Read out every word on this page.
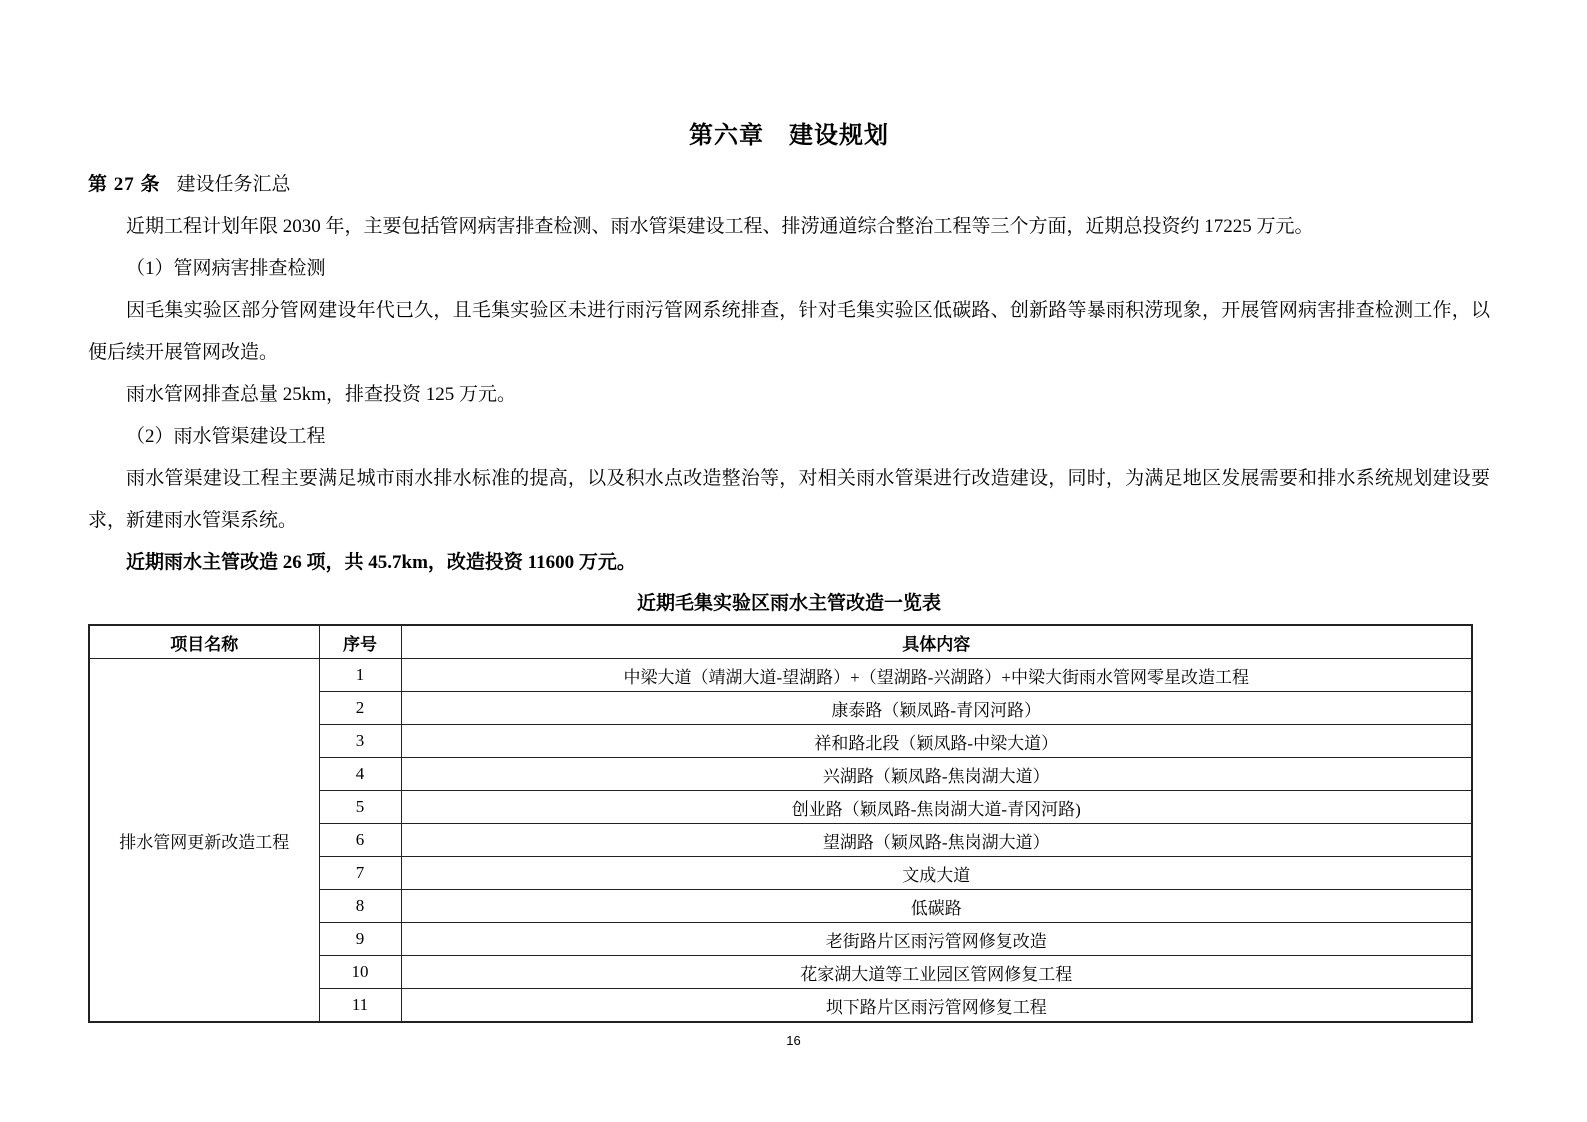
第六章　建设规划

第 27 条 建设任务汇总

近期工程计划年限 2030 年，主要包括管网病害排查检测、雨水管渠建设工程、排涝通道综合整治工程等三个方面，近期总投资约 17225 万元。

（1）管网病害排查检测

因毛集实验区部分管网建设年代已久，且毛集实验区未进行雨污管网系统排查，针对毛集实验区低碳路、创新路等暴雨积涝现象，开展管网病害排查检测工作，以便后续开展管网改造。

雨水管网排查总量 25km，排查投资 125 万元。

（2）雨水管渠建设工程

雨水管渠建设工程主要满足城市雨水排水标准的提高，以及积水点改造整治等，对相关雨水管渠进行改造建设，同时，为满足地区发展需要和排水系统规划建设要求，新建雨水管渠系统。

近期雨水主管改造 26 项，共 45.7km，改造投资 11600 万元。

近期毛集实验区雨水主管改造一览表

项目名称	序号	具体内容
排水管网更新改造工程	1	中梁大道（靖湖大道-望湖路）+（望湖路-兴湖路）+中梁大街雨水管网零星改造工程
	2	康泰路（颖凤路-青冈河路）
	3	祥和路北段（颖凤路-中梁大道）
	4	兴湖路（颖凤路-焦岗湖大道）
	5	创业路（颖凤路-焦岗湖大道-青冈河路)
	6	望湖路（颖凤路-焦岗湖大道）
	7	文成大道
	8	低碳路
	9	老街路片区雨污管网修复改造
	10	花家湖大道等工业园区管网修复工程
	11	坝下路片区雨污管网修复工程
16
